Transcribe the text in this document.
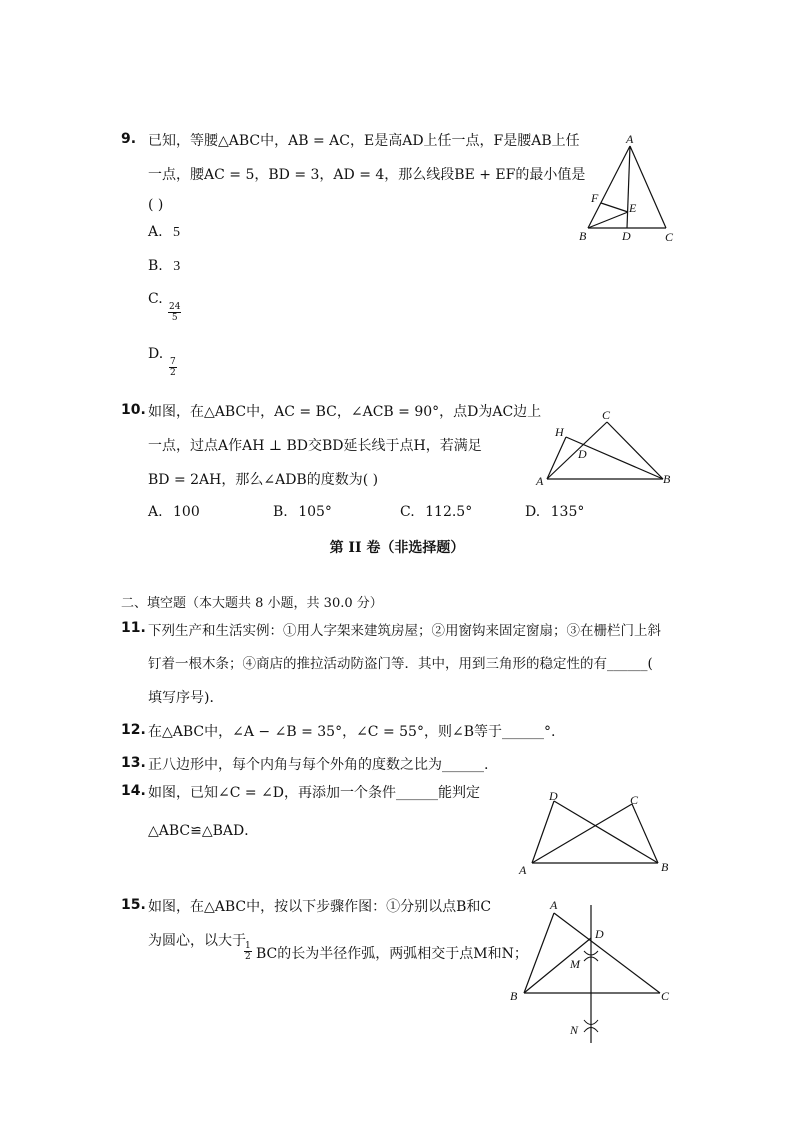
9. 已知，等腰△ABC中，AB = AC，E是高AD上任一点，F是腰AB上任
一点，腰AC = 5，BD = 3，AD = 4，那么线段BE + EF的最小值是
( )
A. 5
B. 3
C.
$\frac{24}{5}$
D.
$\frac{7}{2}$
A
B	C
D
E
F
10. 如图，在△ABC中，AC = BC，∠ACB = 90°，点D为AC边上
一点，过点A作AH ⊥ BD交BD延长线于点H，若满足
BD = 2AH，那么∠ADB的度数为( )
A. 100	B. 105°	C. 112.5°	D. 135°
H
C
D
A	B
第 II 卷（非选择题）
二、填空题（本大题共 8 小题，共 30.0 分）
11. 下列生产和生活实例：①用人字架来建筑房屋；②用窗钩来固定窗扇；③在栅栏门上斜
钉着一根木条；④商店的推拉活动防盗门等．其中，用到三角形的稳定性的有______(
填写序号)．
12. 在△ABC中，∠A − ∠B = 35°，∠C = 55°，则∠B等于______°.
13. 正八边形中，每个内角与每个外角的度数之比为______.
14. 如图，已知∠C = ∠D，再添加一个条件______能判定
△ABC≌△BAD．
D	C
A	B
15. 如图，在△ABC中，按以下步骤作图：①分别以点B和C
为圆心，以大于
$\frac{1}{2}$ BC的长为半径作弧，两弧相交于点M和N；
A
D
M
B	C
N
